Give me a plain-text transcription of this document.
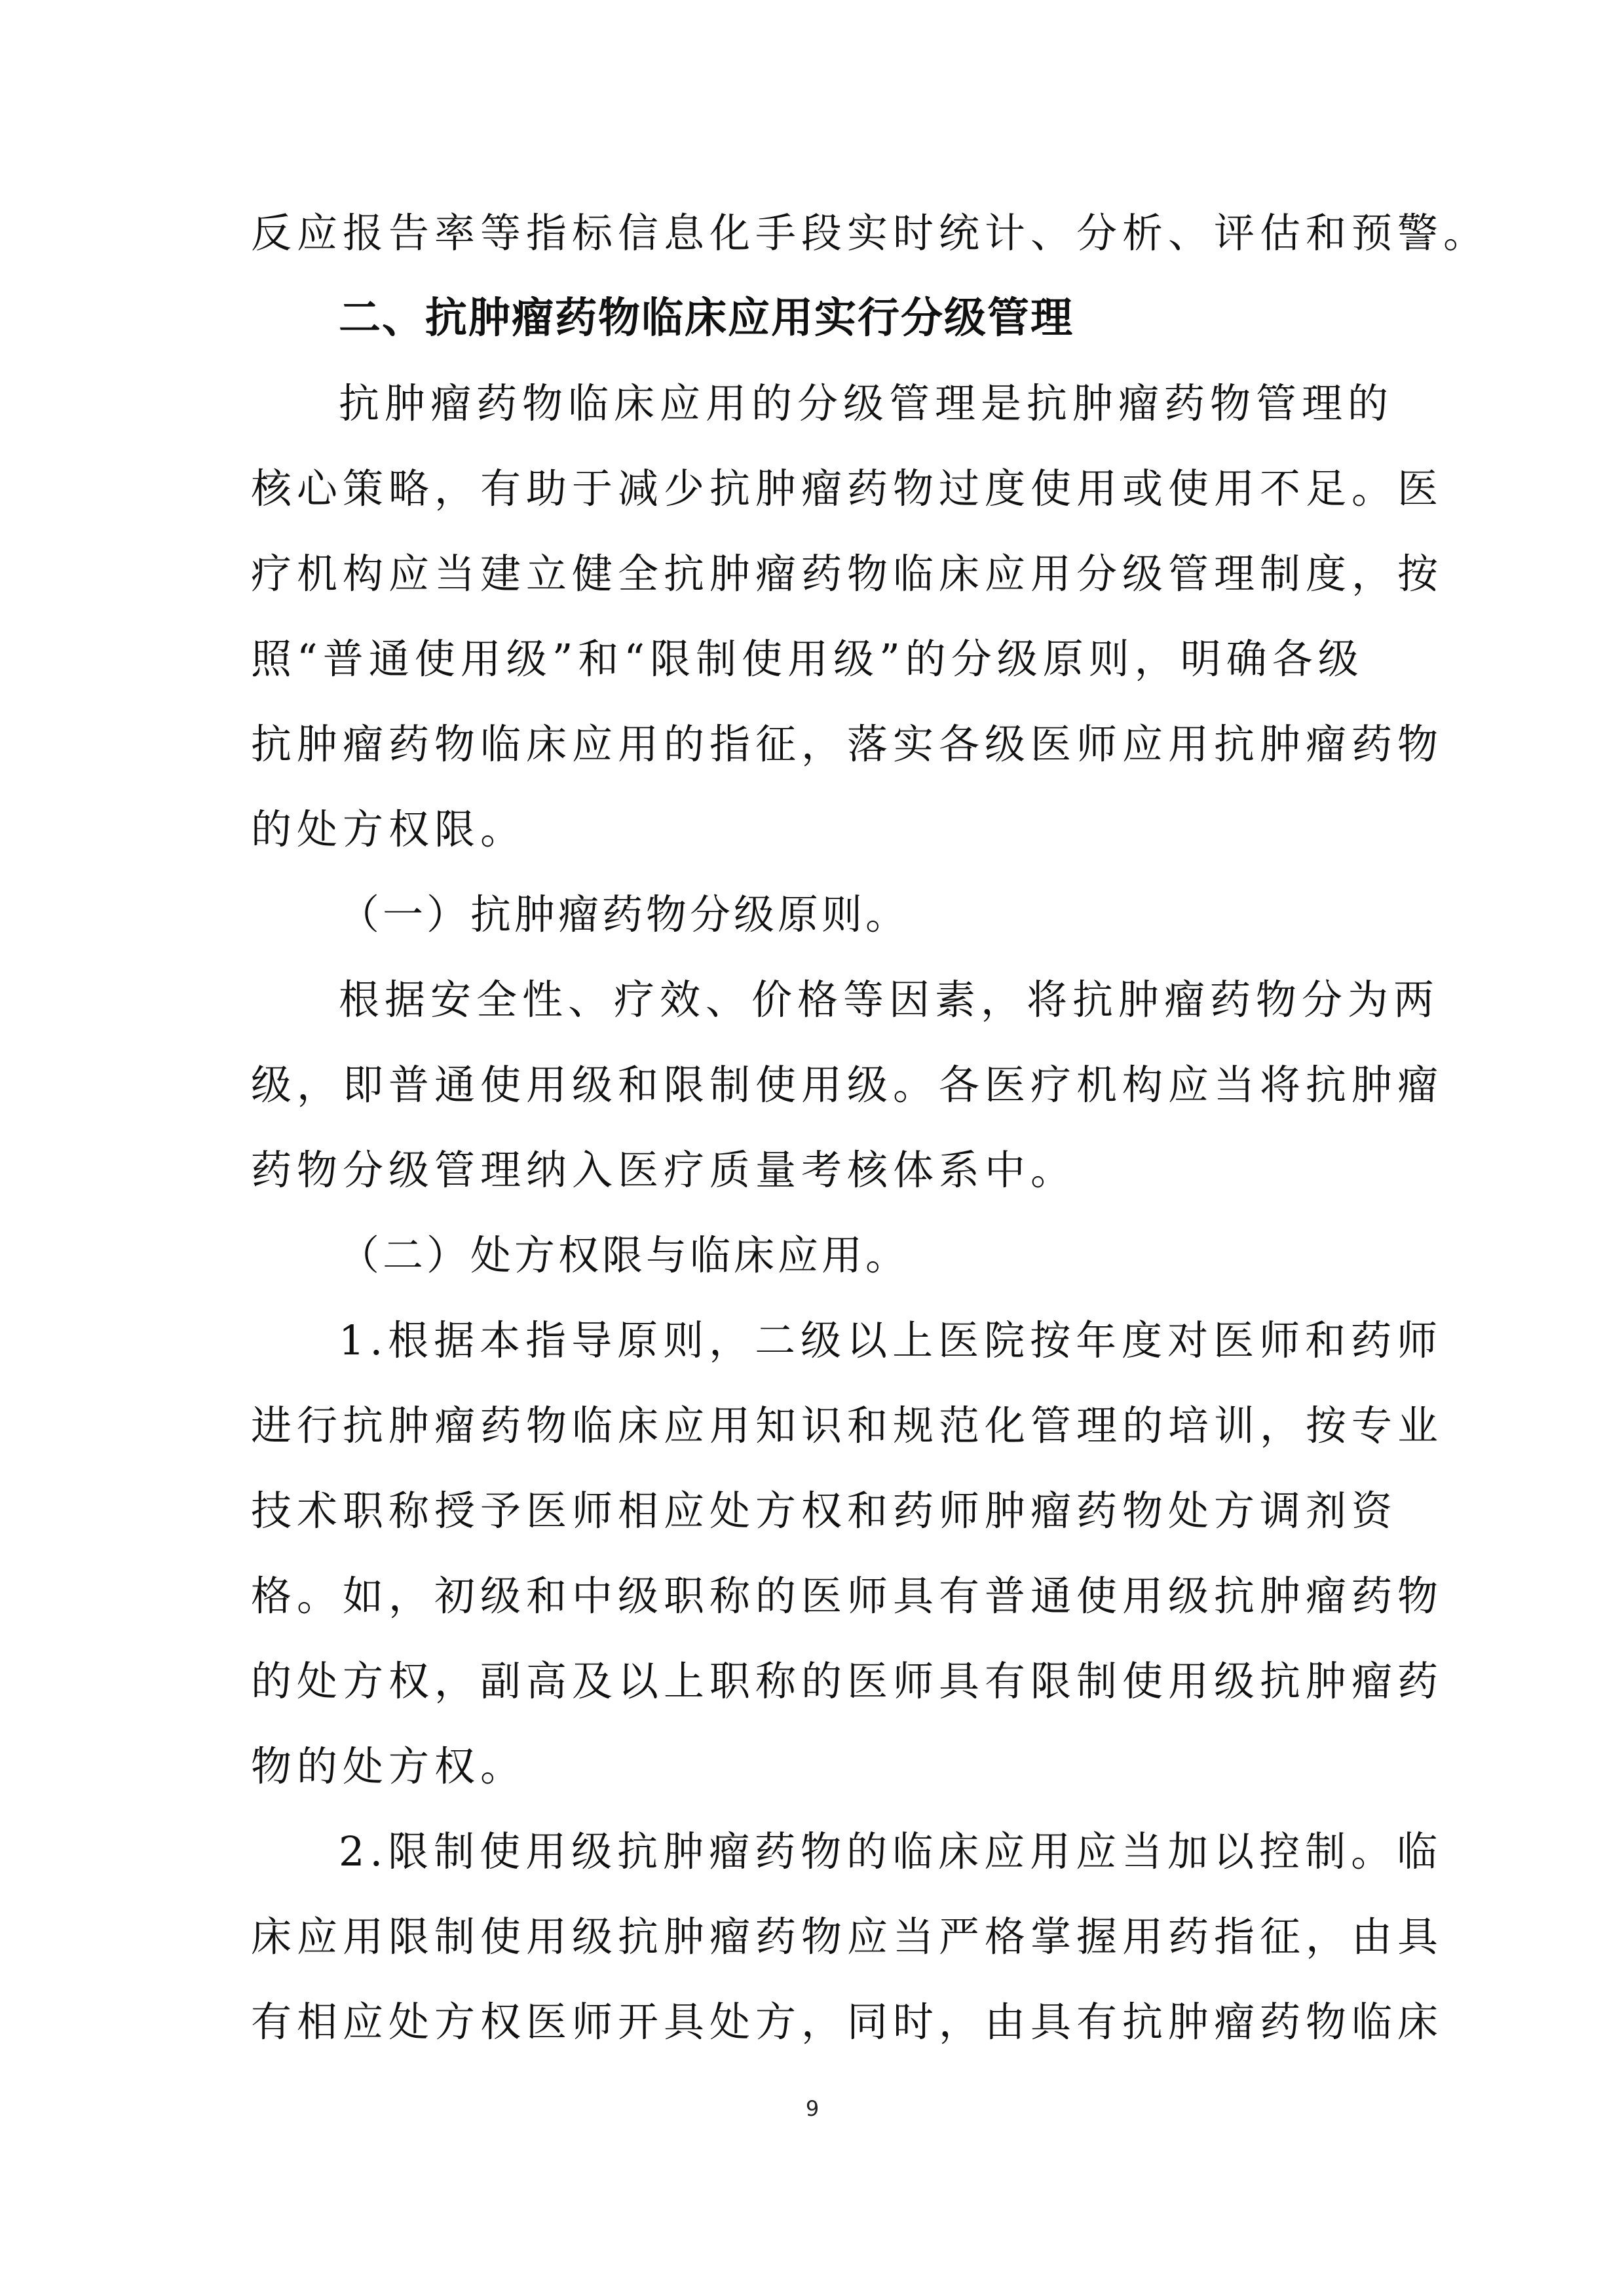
反应报告率等指标信息化手段实时统计、分析、评估和预警。
二、抗肿瘤药物临床应用实行分级管理
抗肿瘤药物临床应用的分级管理是抗肿瘤药物管理的
核心策略，有助于减少抗肿瘤药物过度使用或使用不足。医
疗机构应当建立健全抗肿瘤药物临床应用分级管理制度，按
照“普通使用级”和“限制使用级”的分级原则，明确各级
抗肿瘤药物临床应用的指征，落实各级医师应用抗肿瘤药物
的处方权限。
（一）抗肿瘤药物分级原则。
根据安全性、疗效、价格等因素，将抗肿瘤药物分为两
级，即普通使用级和限制使用级。各医疗机构应当将抗肿瘤
药物分级管理纳入医疗质量考核体系中。
（二）处方权限与临床应用。
1.根据本指导原则，二级以上医院按年度对医师和药师
进行抗肿瘤药物临床应用知识和规范化管理的培训，按专业
技术职称授予医师相应处方权和药师肿瘤药物处方调剂资
格。如，初级和中级职称的医师具有普通使用级抗肿瘤药物
的处方权，副高及以上职称的医师具有限制使用级抗肿瘤药
物的处方权。
2.限制使用级抗肿瘤药物的临床应用应当加以控制。临
床应用限制使用级抗肿瘤药物应当严格掌握用药指征，由具
有相应处方权医师开具处方，同时，由具有抗肿瘤药物临床
9
